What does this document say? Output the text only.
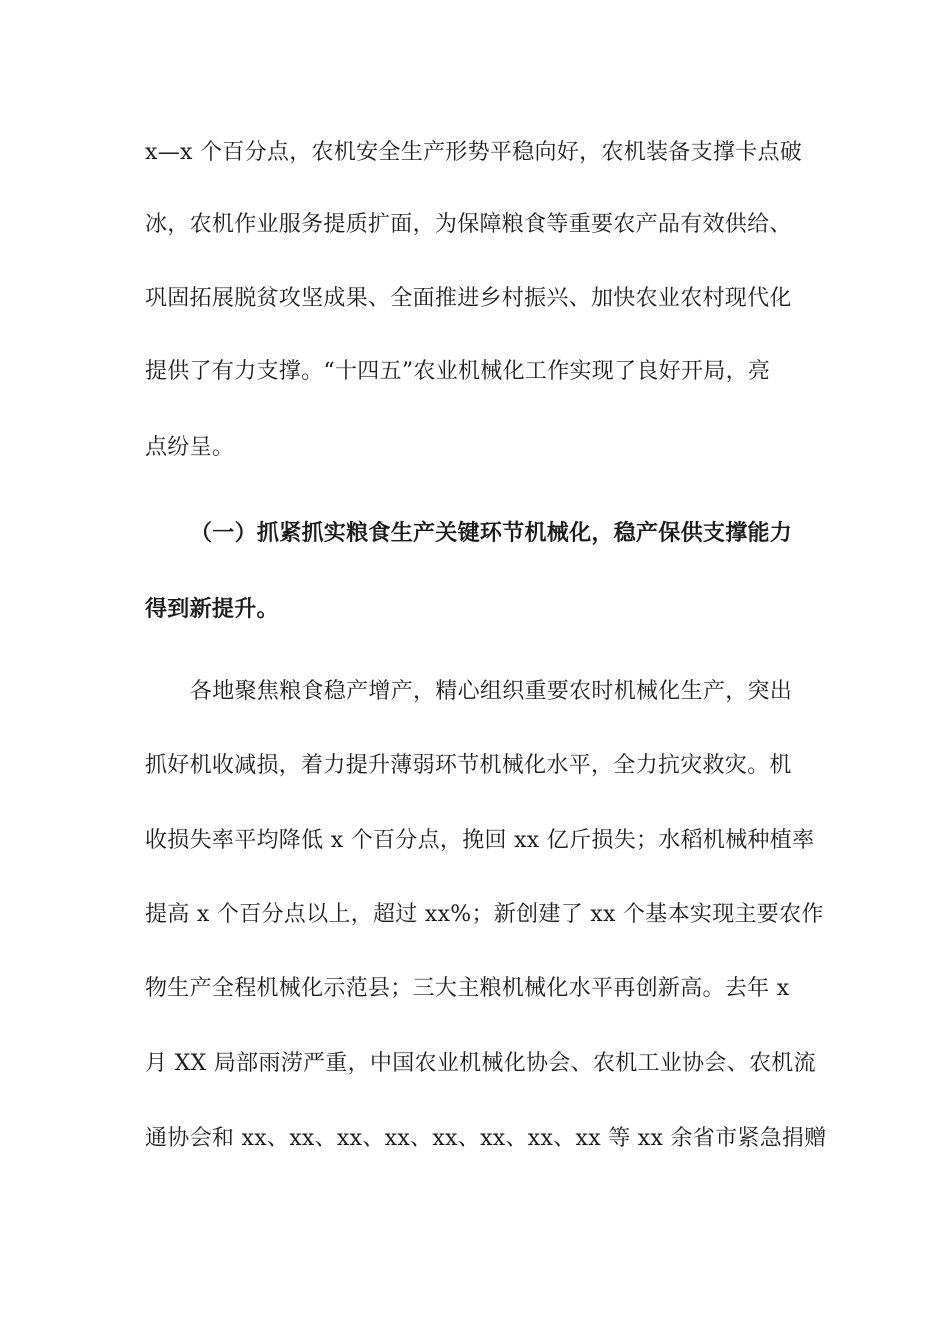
x—x 个百分点，农机安全生产形势平稳向好，农机装备支撑卡点破
冰，农机作业服务提质扩面，为保障粮食等重要农产品有效供给、
巩固拓展脱贫攻坚成果、全面推进乡村振兴、加快农业农村现代化
提供了有力支撑。“十四五”农业机械化工作实现了良好开局，亮
点纷呈。
（一）抓紧抓实粮食生产关键环节机械化，稳产保供支撑能力
得到新提升。
各地聚焦粮食稳产增产，精心组织重要农时机械化生产，突出
抓好机收减损，着力提升薄弱环节机械化水平，全力抗灾救灾。机
收损失率平均降低 x 个百分点，挽回 xx 亿斤损失；水稻机械种植率
提高 x 个百分点以上，超过 xx%；新创建了 xx 个基本实现主要农作
物生产全程机械化示范县；三大主粮机械化水平再创新高。去年 x
月 XX 局部雨涝严重，中国农业机械化协会、农机工业协会、农机流
通协会和 xx、xx、xx、xx、xx、xx、xx、xx 等 xx 余省市紧急捐赠
